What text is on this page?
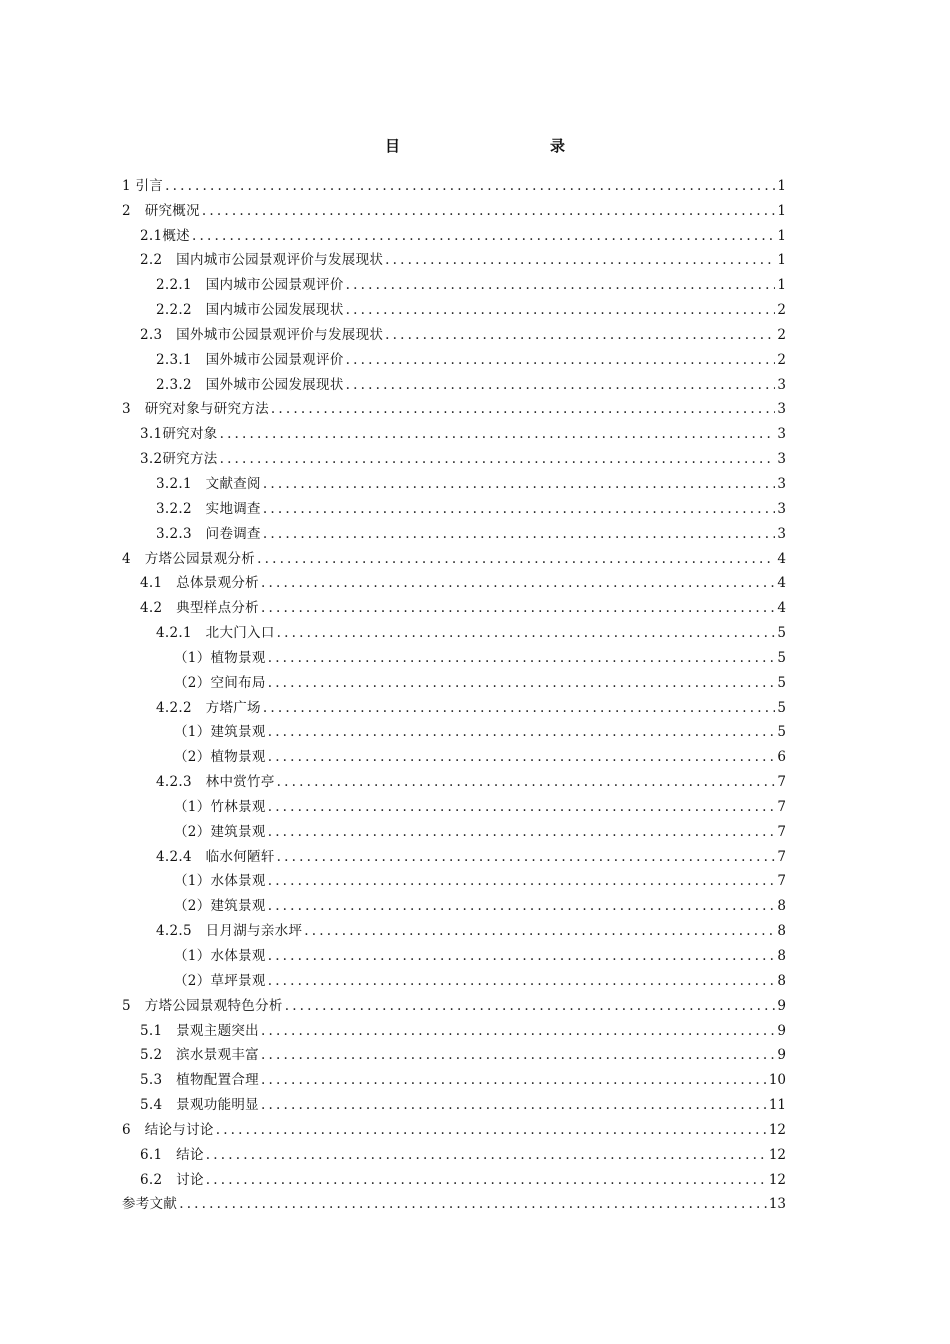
目　　录
1 引言 .....	1
2　研究概况 .....	1
2.1概述 .....	1
2.2　国内城市公园景观评价与发展现状 .....	1
2.2.1　国内城市公园景观评价 .....	1
2.2.2　国内城市公园发展现状 .....	2
2.3　国外城市公园景观评价与发展现状 .....	2
2.3.1　国外城市公园景观评价 .....	2
2.3.2　国外城市公园发展现状 .....	3
3　研究对象与研究方法 .....	3
3.1研究对象 .....	3
3.2研究方法 .....	3
3.2.1　文献查阅 .....	3
3.2.2　实地调查 .....	3
3.2.3　问卷调查 .....	3
4　方塔公园景观分析 .....	4
4.1　总体景观分析 .....	4
4.2　典型样点分析 .....	4
4.2.1　北大门入口 .....	5
（1）植物景观 .....	5
（2）空间布局 .....	5
4.2.2　方塔广场 .....	5
（1）建筑景观 .....	5
（2）植物景观 .....	6
4.2.3　林中赏竹亭 .....	7
（1）竹林景观 .....	7
（2）建筑景观 .....	7
4.2.4　临水何陋轩 .....	7
（1）水体景观 .....	7
（2）建筑景观 .....	8
4.2.5　日月湖与亲水坪 .....	8
（1）水体景观 .....	8
（2）草坪景观 .....	8
5　方塔公园景观特色分析 .....	9
5.1　景观主题突出 .....	9
5.2　滨水景观丰富 .....	9
5.3　植物配置合理 .....	10
5.4　景观功能明显 .....	11
6　结论与讨论 .....	12
6.1　结论 .....	12
6.2　讨论 .....	12
参考文献 .....	13
